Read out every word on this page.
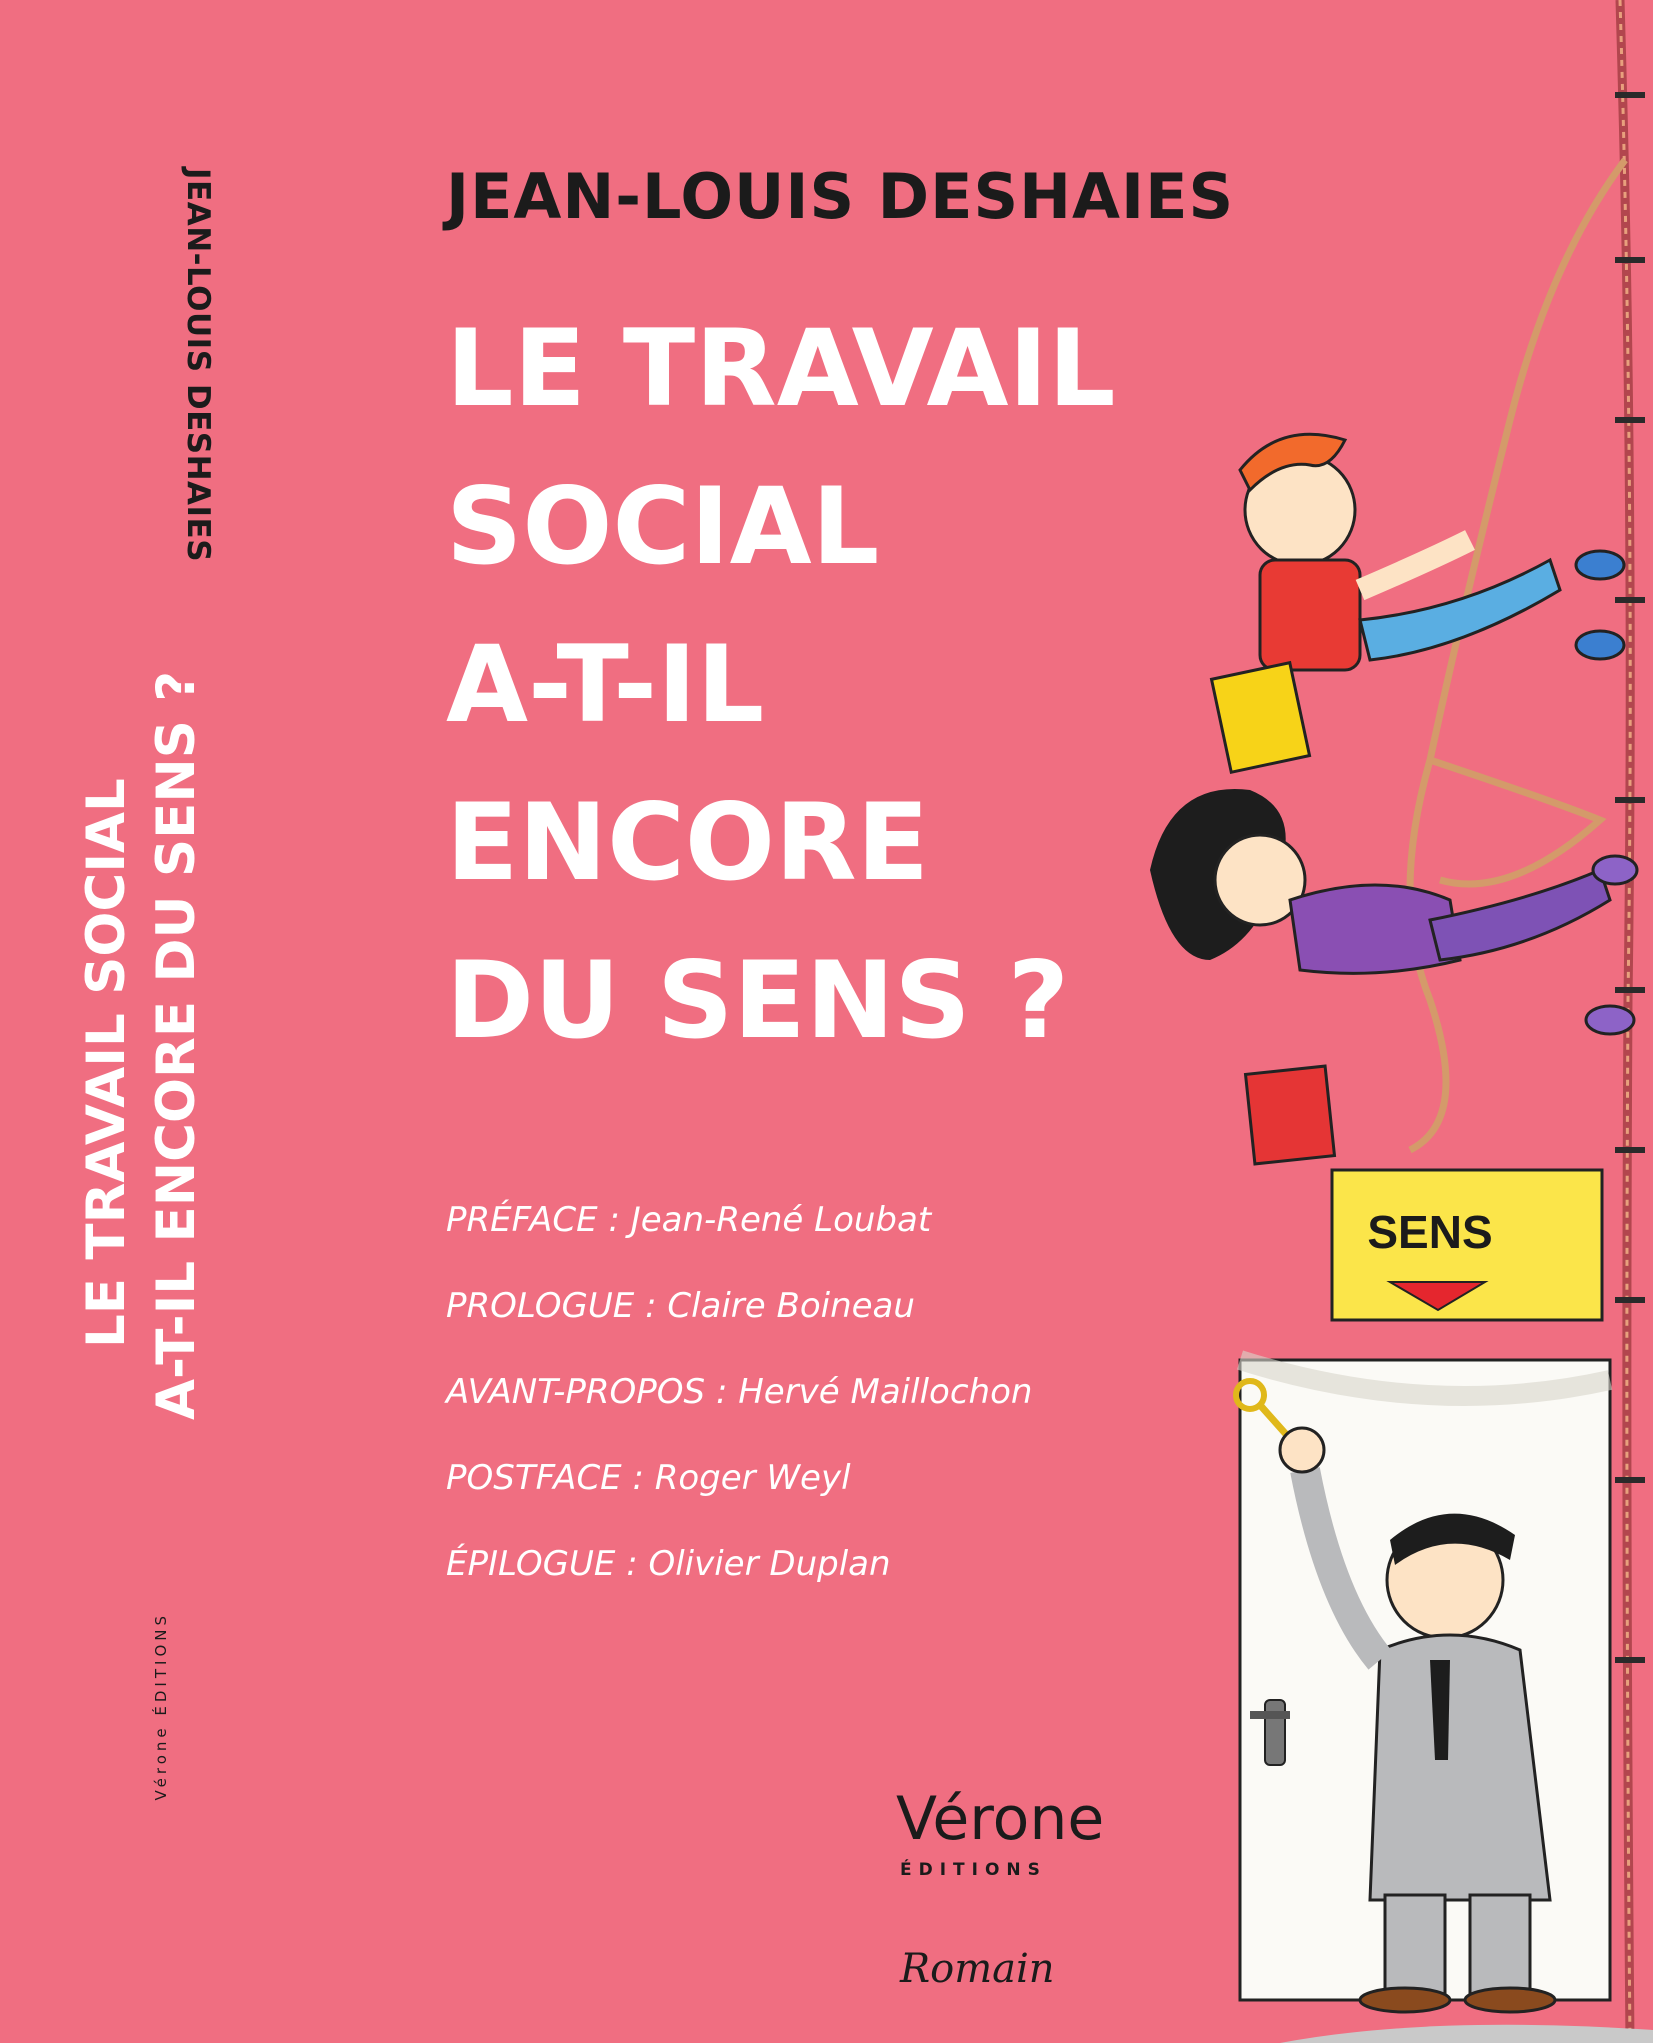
JEAN-LOUIS DESHAIES
LE TRAVAIL SOCIAL A-T-IL ENCORE DU SENS ?
Vérone ÉDITIONS
JEAN-LOUIS DESHAIES
LE TRAVAIL
SOCIAL
A-T-IL
ENCORE
DU SENS ?
PRÉFACE : Jean-René Loubat
PROLOGUE : Claire Boineau
AVANT-PROPOS : Hervé Maillochon
POSTFACE : Roger Weyl
ÉPILOGUE : Olivier Duplan
Vérone
ÉDITIONS
Romain
SENS
